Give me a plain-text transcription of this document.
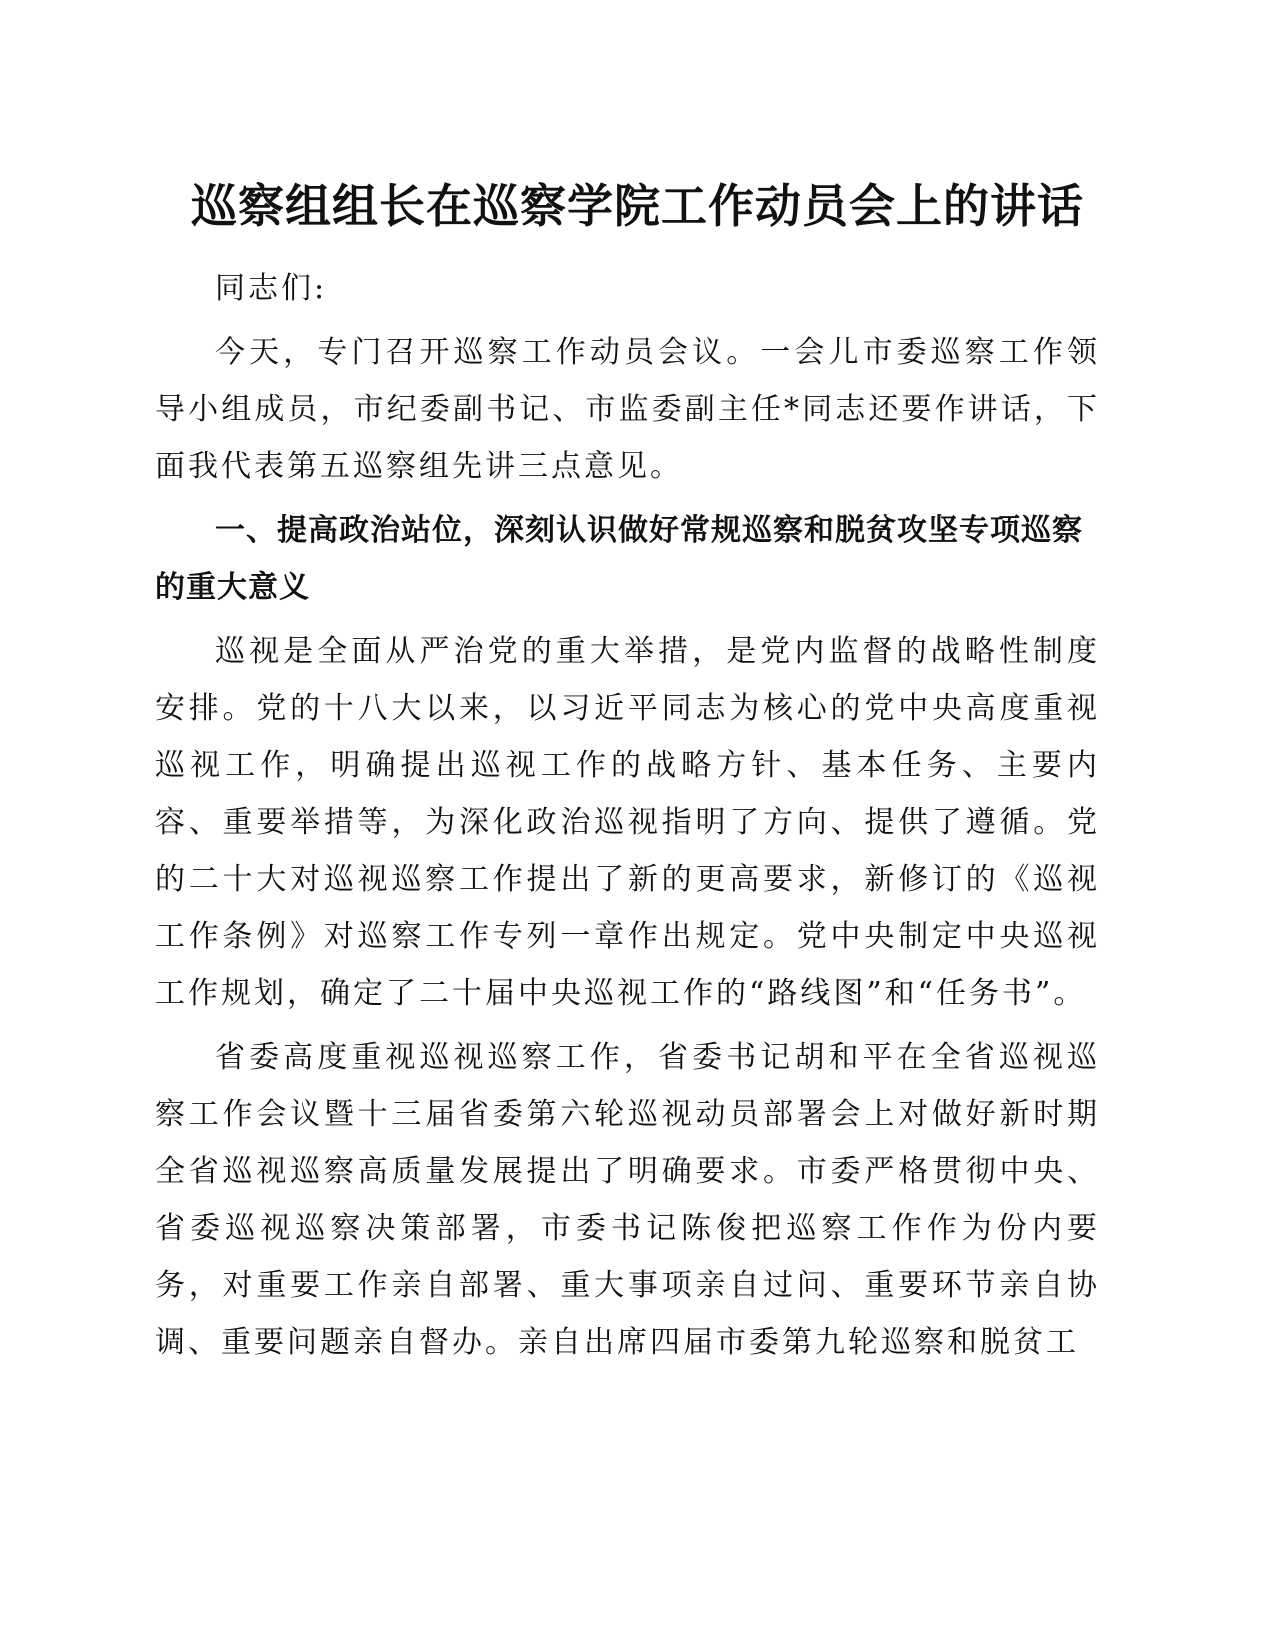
巡察组组长在巡察学院工作动员会上的讲话

同志们:

今天，专门召开巡察工作动员会议。一会儿市委巡察工作领导小组成员，市纪委副书记、市监委副主任*同志还要作讲话，下面我代表第五巡察组先讲三点意见。

一、提高政治站位，深刻认识做好常规巡察和脱贫攻坚专项巡察的重大意义

巡视是全面从严治党的重大举措，是党内监督的战略性制度安排。党的十八大以来，以习近平同志为核心的党中央高度重视巡视工作，明确提出巡视工作的战略方针、基本任务、主要内容、重要举措等，为深化政治巡视指明了方向、提供了遵循。党的二十大对巡视巡察工作提出了新的更高要求，新修订的《巡视工作条例》对巡察工作专列一章作出规定。党中央制定中央巡视工作规划，确定了二十届中央巡视工作的“路线图”和“任务书”。

省委高度重视巡视巡察工作，省委书记胡和平在全省巡视巡察工作会议暨十三届省委第六轮巡视动员部署会上对做好新时期全省巡视巡察高质量发展提出了明确要求。市委严格贯彻中央、省委巡视巡察决策部署，市委书记陈俊把巡察工作作为份内要务，对重要工作亲自部署、重大事项亲自过问、重要环节亲自协调、重要问题亲自督办。亲自出席四届市委第九轮巡察和脱贫工
